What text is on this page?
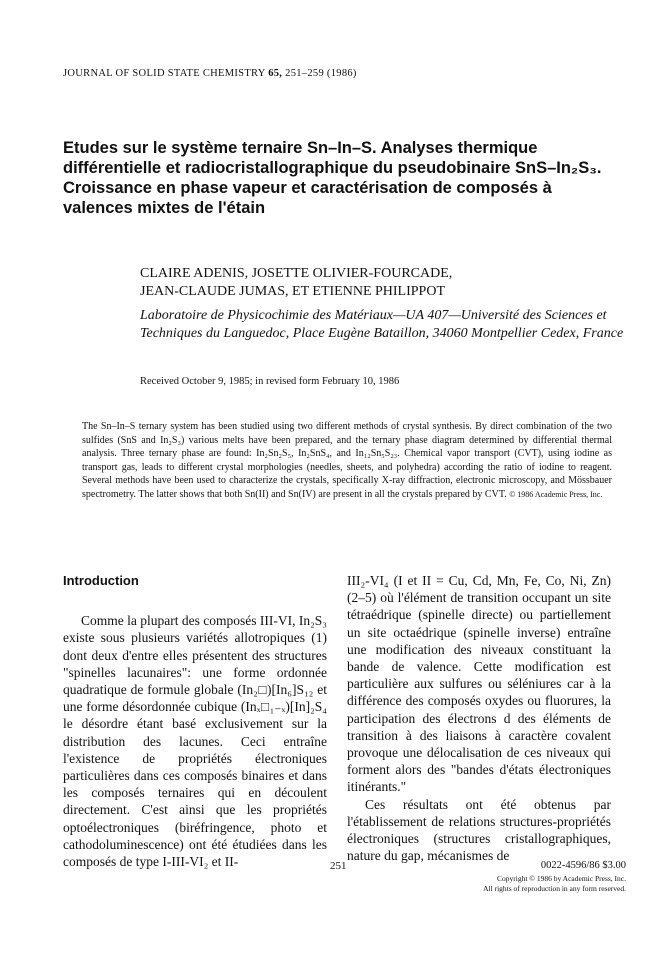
JOURNAL OF SOLID STATE CHEMISTRY 65, 251–259 (1986)
Etudes sur le système ternaire Sn–In–S. Analyses thermique différentielle et radiocristallographique du pseudobinaire SnS–In₂S₃. Croissance en phase vapeur et caractérisation de composés à valences mixtes de l'étain
CLAIRE ADENIS, JOSETTE OLIVIER-FOURCADE,
JEAN-CLAUDE JUMAS, ET ETIENNE PHILIPPOT
Laboratoire de Physicochimie des Matériaux—UA 407—Université des Sciences et Techniques du Languedoc, Place Eugène Bataillon, 34060 Montpellier Cedex, France
Received October 9, 1985; in revised form February 10, 1986
The Sn–In–S ternary system has been studied using two different methods of crystal synthesis. By direct combination of the two sulfides (SnS and In₂S₃) various melts have been prepared, and the ternary phase diagram determined by differential thermal analysis. Three ternary phase are found: In₂Sn₂S₅, In₂SnS₄, and In₁₂Sn₅S₂₃. Chemical vapor transport (CVT), using iodine as transport gas, leads to different crystal morphologies (needles, sheets, and polyhedra) according the ratio of iodine to reagent. Several methods have been used to characterize the crystals, specifically X-ray diffraction, electronic microscopy, and Mössbauer spectrometry. The latter shows that both Sn(II) and Sn(IV) are present in all the crystals prepared by CVT. © 1986 Academic Press, Inc.
Introduction

Comme la plupart des composés III-VI, In₂S₃ existe sous plusieurs variétés allotropiques (1) dont deux d'entre elles présentent des structures "spinelles lacunaires": une forme ordonnée quadratique de formule globale (In₂□)[In₆]S₁₂ et une forme désordonnée cubique (Inₓ□₁₋ₓ)[In]₂S₄ le désordre étant basé exclusivement sur la distribution des lacunes. Ceci entraîne l'existence de propriétés électroniques particulières dans ces composés binaires et dans les composés ternaires qui en découlent directement. C'est ainsi que les propriétés optoélectroniques (biréfringence, photo et cathodoluminescence) ont été étudiées dans les composés de type I-III-VI₂ et II-

III₂-VI₄ (I et II = Cu, Cd, Mn, Fe, Co, Ni, Zn) (2–5) où l'élément de transition occupant un site tétraédrique (spinelle directe) ou partiellement un site octaédrique (spinelle inverse) entraîne une modification des niveaux constituant la bande de valence. Cette modification est particulière aux sulfures ou séléniures car à la différence des composés oxydes ou fluorures, la participation des électrons d des éléments de transition à des liaisons à caractère covalent provoque une délocalisation de ces niveaux qui forment alors des "bandes d'états électroniques itinérants."

Ces résultats ont été obtenus par l'établissement de relations structures-propriétés électroniques (structures cristallographiques, nature du gap, mécanismes de

251	0022-4596/86 $3.00
Copyright © 1986 by Academic Press, Inc.
All rights of reproduction in any form reserved.
